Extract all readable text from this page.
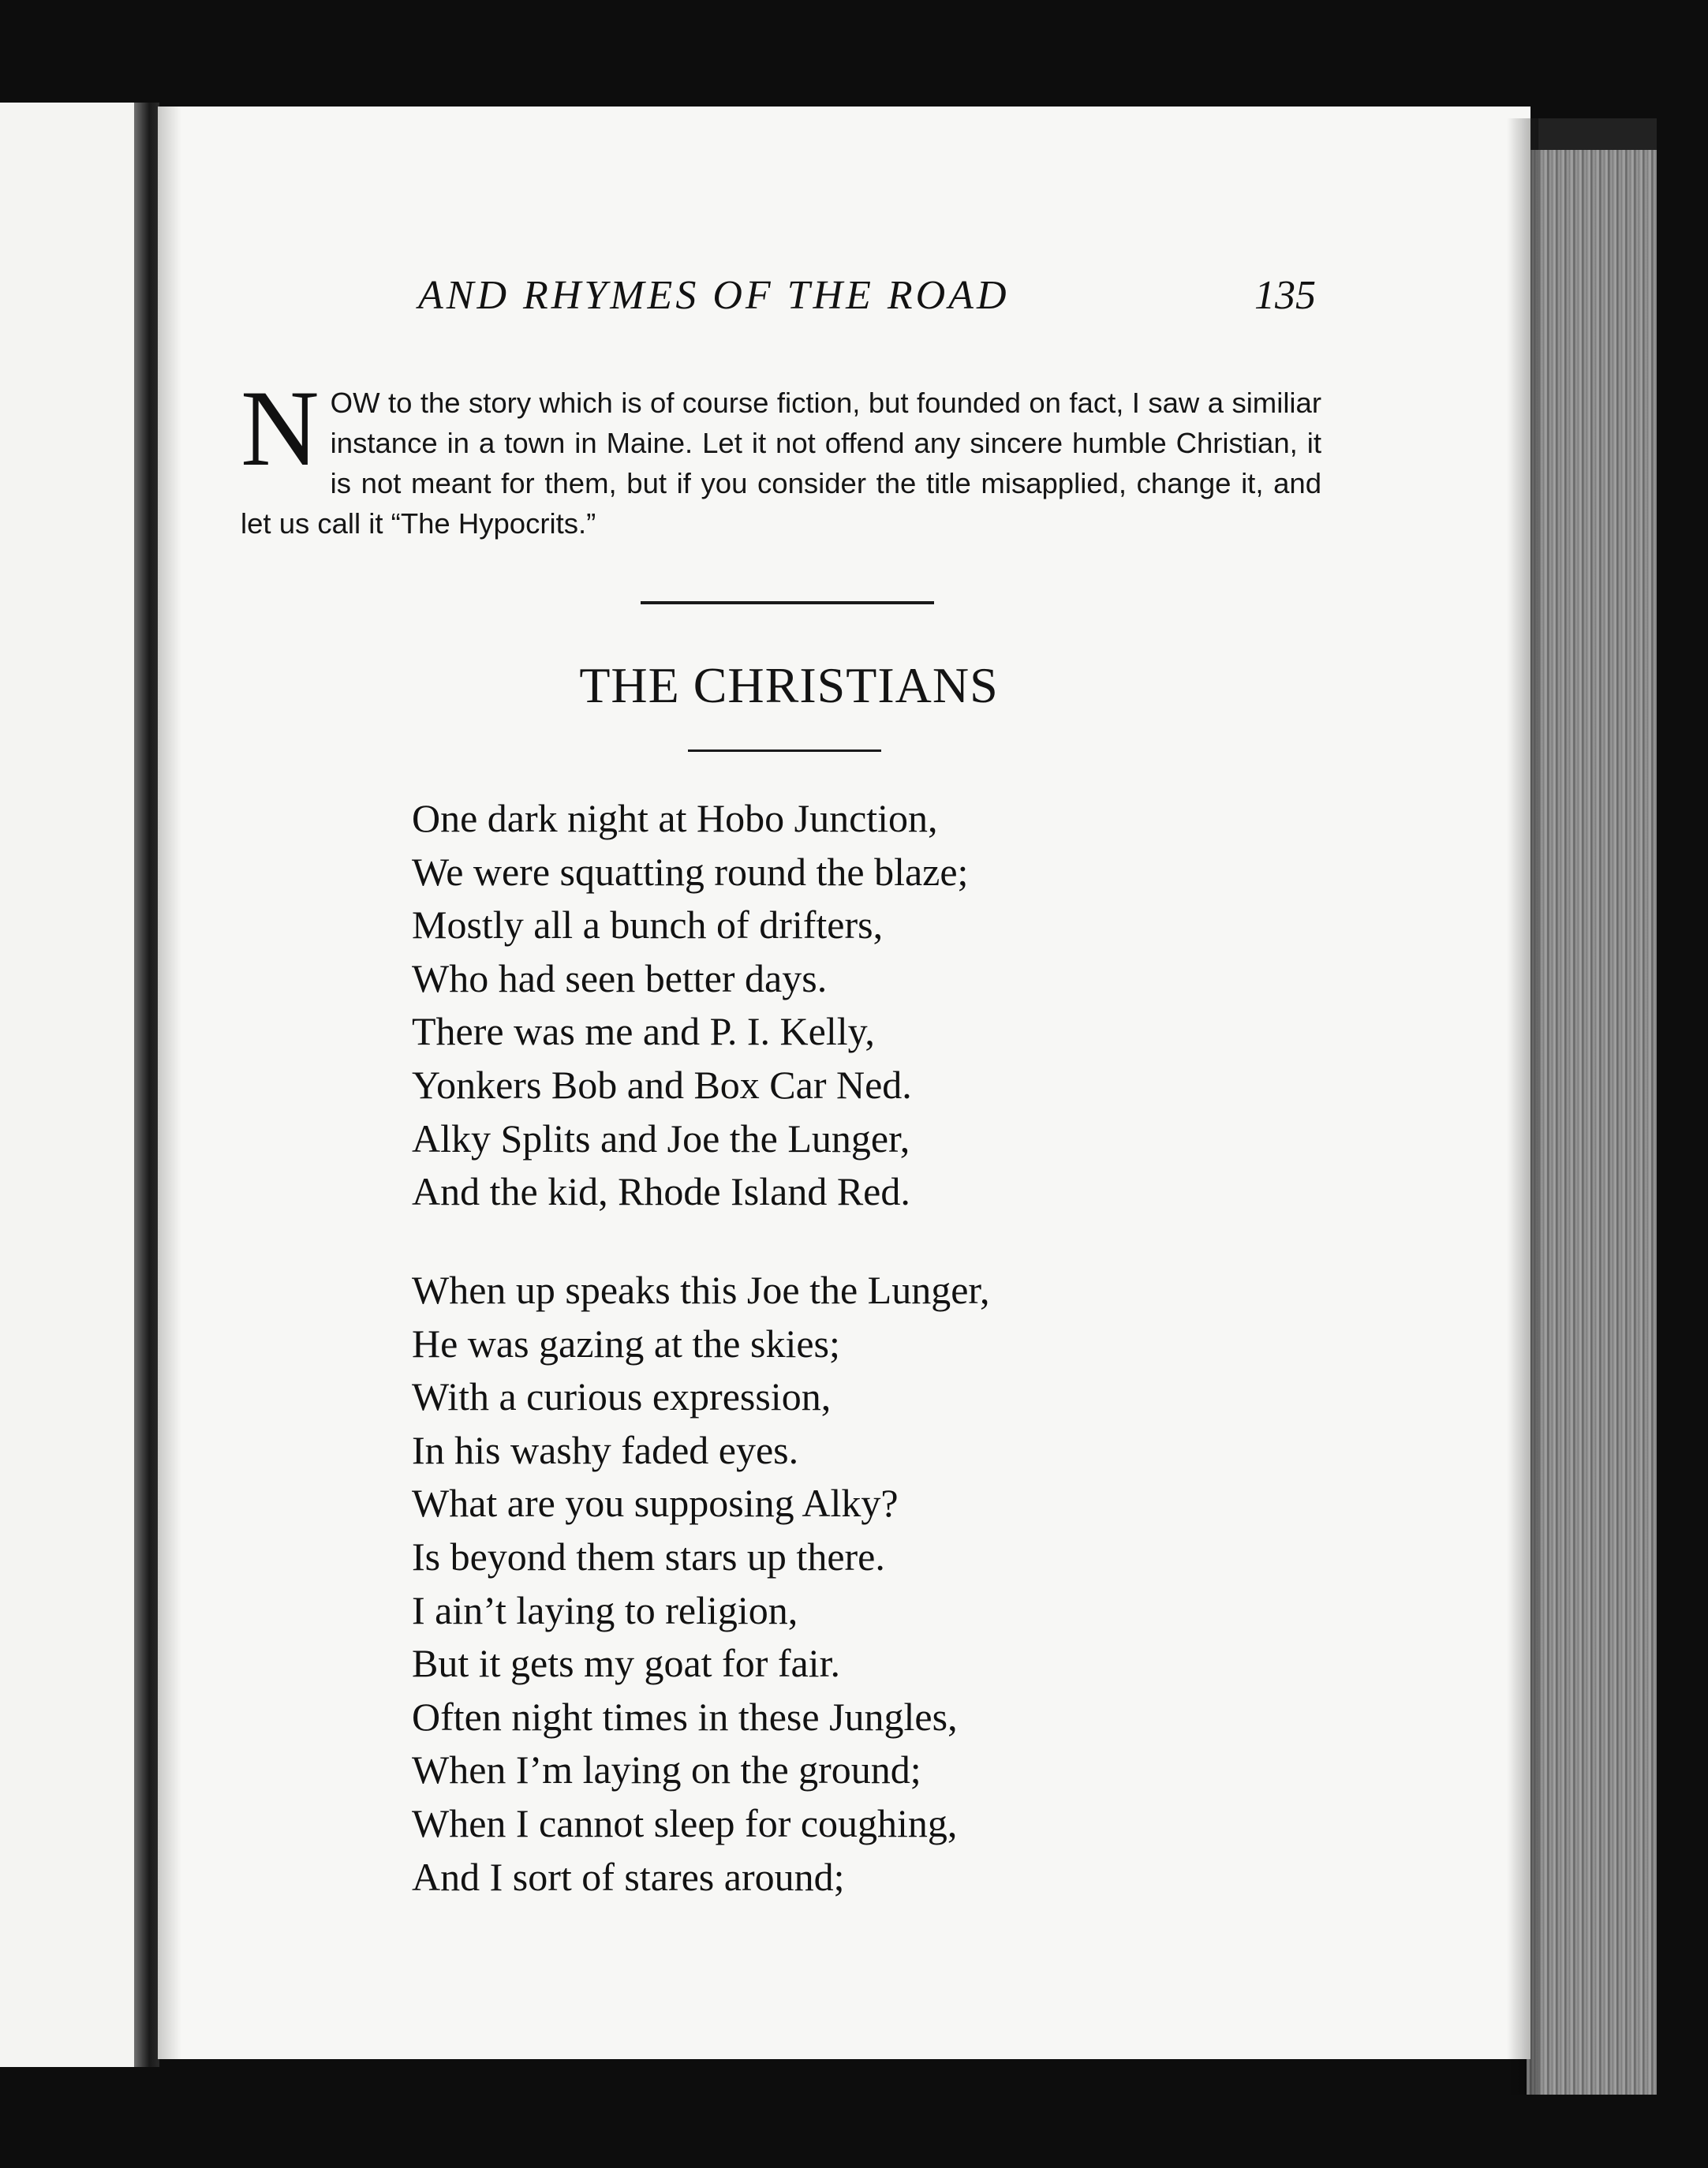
AND RHYMES OF THE ROAD	135
NOW to the story which is of course fiction, but founded on fact, I saw a similiar instance in a town in Maine. Let it not offend any sincere humble Christian, it is not meant for them, but if you consider the title misapplied, change it, and let us call it “The Hypocrits.”
THE CHRISTIANS
One dark night at Hobo Junction,
We were squatting round the blaze;
Mostly all a bunch of drifters,
Who had seen better days.
There was me and P. I. Kelly,
Yonkers Bob and Box Car Ned.
Alky Splits and Joe the Lunger,
And the kid, Rhode Island Red.
When up speaks this Joe the Lunger,
He was gazing at the skies;
With a curious expression,
In his washy faded eyes.
What are you supposing Alky?
Is beyond them stars up there.
I ain’t laying to religion,
But it gets my goat for fair.
Often night times in these Jungles,
When I’m laying on the ground;
When I cannot sleep for coughing,
And I sort of stares around;
